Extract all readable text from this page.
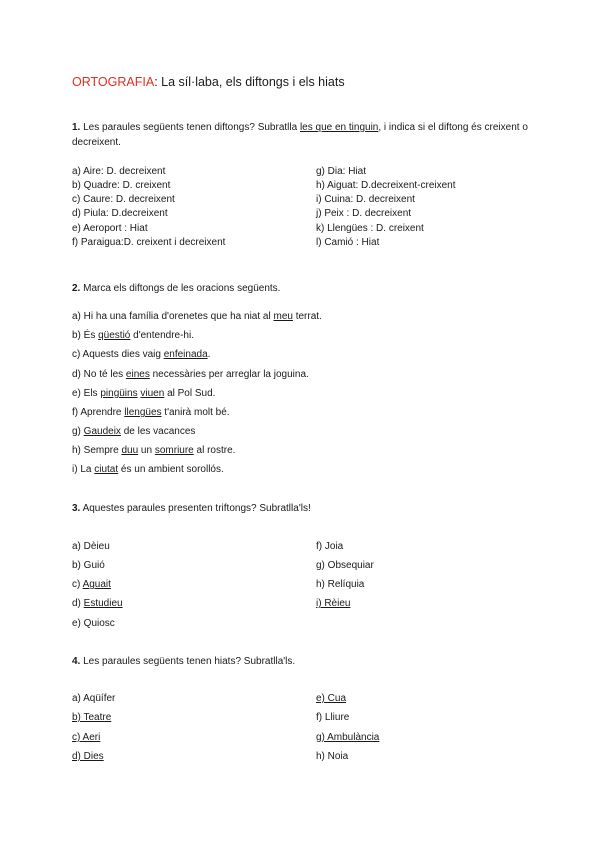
ORTOGRAFIA: La síl·laba, els diftongs i els hiats
1. Les paraules següents tenen diftongs? Subratlla les que en tinguin, i indica si el diftong és creixent o decreixent.
a) Aire: D. decreixent
b) Quadre: D. creixent
c) Caure: D. decreixent
d) Piula: D.decreixent
e) Aeroport : Hiat
f) Paraigua:D. creixent i decreixent
g) Dia: Hiat
h) Aiguat: D.decreixent-creixent
i) Cuina: D. decreixent
j) Peix : D. decreixent
k) Llengües : D. creixent
l) Camió : Hiat
2. Marca els diftongs de les oracions següents.
a) Hi ha una família d'orenetes que ha niat al meu terrat.
b) És qüestió d'entendre-hi.
c) Aquests dies vaig enfeinada.
d) No té les eines necessàries per arreglar la joguina.
e) Els pingüins viuen al Pol Sud.
f) Aprendre llengües t'anirà molt bé.
g) Gaudeix de les vacances
h) Sempre duu un somriure al rostre.
i) La ciutat és un ambient sorollós.
3. Aquestes paraules presenten triftongs? Subratlla'ls!
a) Dèieu
b) Guió
c) Aguait
d) Estudieu
e) Quiosc
f) Joia
g) Obsequiar
h) Relíquia
i) Rèieu
4. Les paraules següents tenen hiats? Subratlla'ls.
a) Aqüífer
b) Teatre
c) Aeri
d) Dies
e) Cua
f) Lliure
g) Ambulància
h) Noia
